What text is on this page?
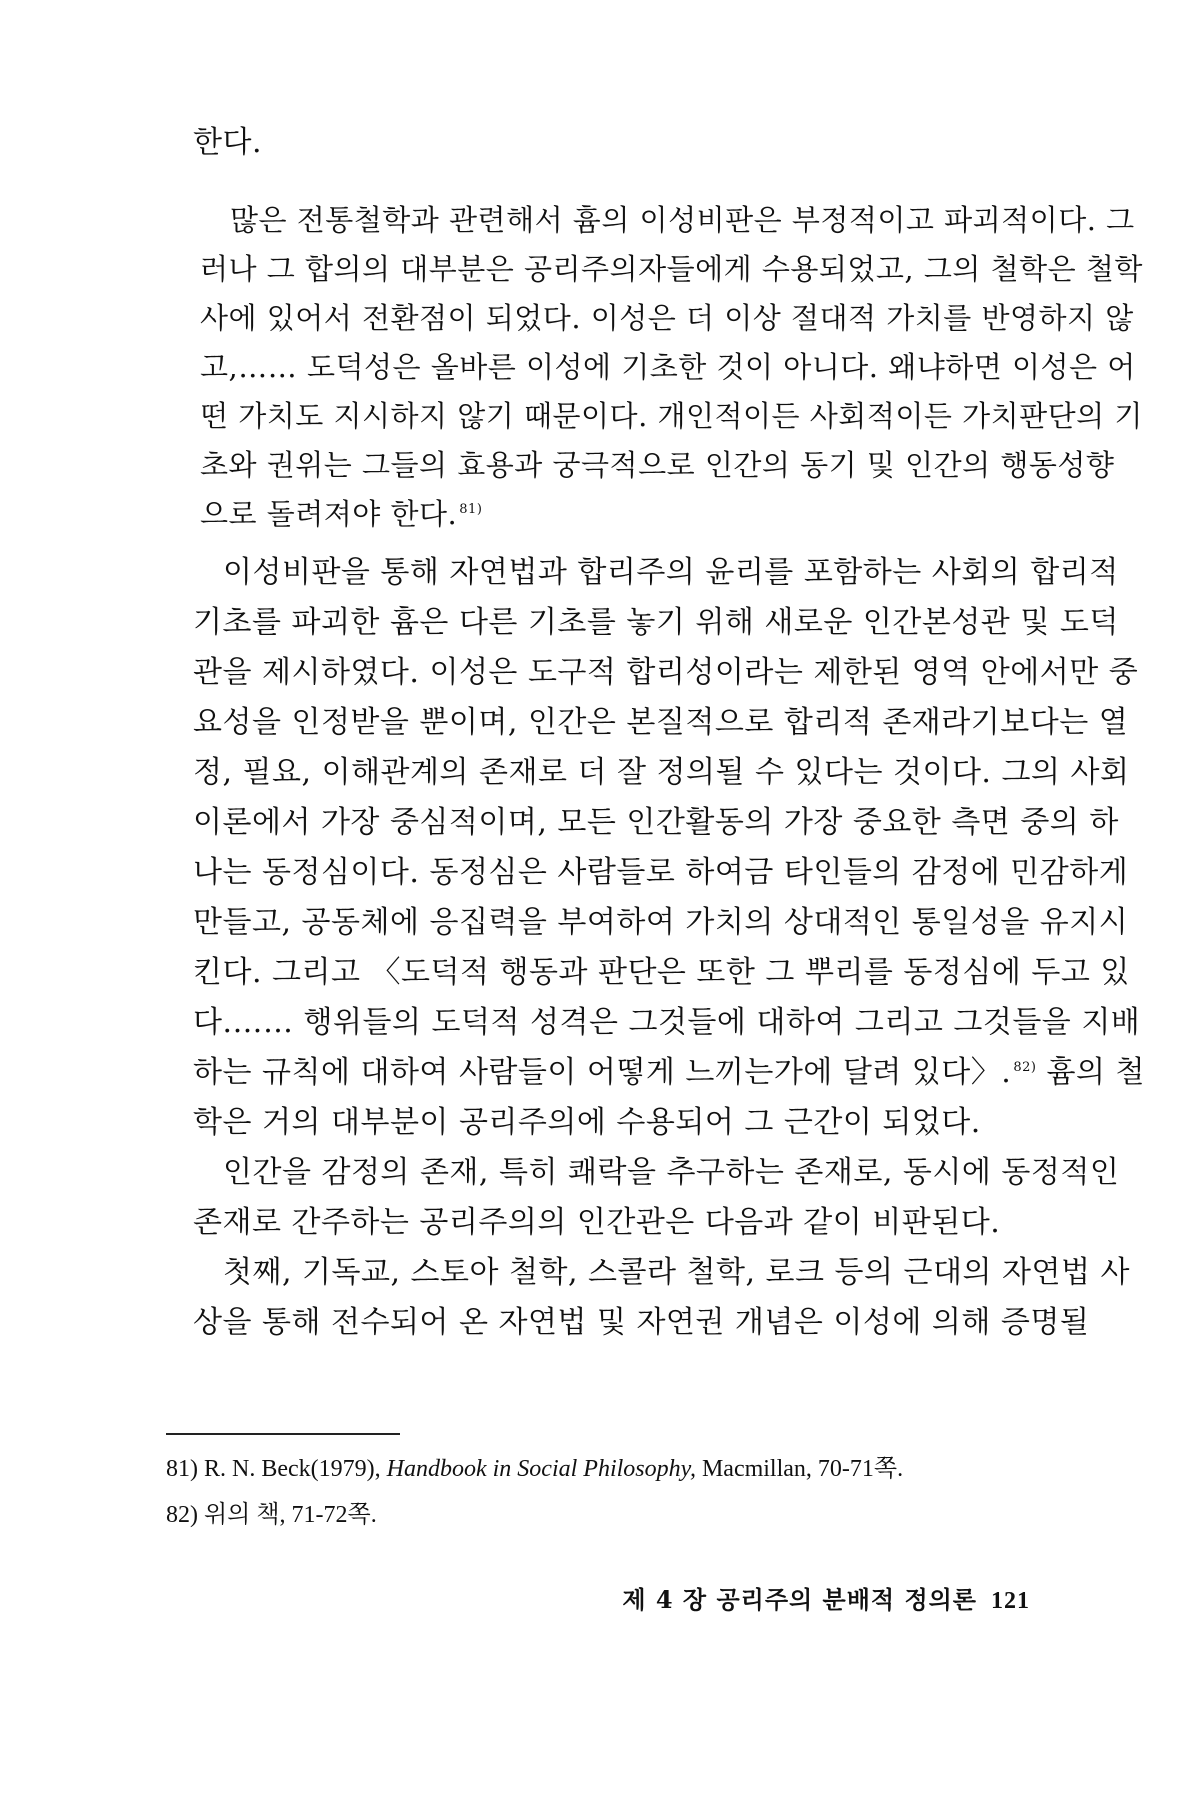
한다.
많은 전통철학과 관련해서 흄의 이성비판은 부정적이고 파괴적이다. 그
러나 그 합의의 대부분은 공리주의자들에게 수용되었고, 그의 철학은 철학
사에 있어서 전환점이 되었다. 이성은 더 이상 절대적 가치를 반영하지 않
고,…… 도덕성은 올바른 이성에 기초한 것이 아니다. 왜냐하면 이성은 어
떤 가치도 지시하지 않기 때문이다. 개인적이든 사회적이든 가치판단의 기
초와 권위는 그들의 효용과 궁극적으로 인간의 동기 및 인간의 행동성향
으로 돌려져야 한다. $^{81)}$
이성비판을 통해 자연법과 합리주의 윤리를 포함하는 사회의 합리적
기초를 파괴한 흄은 다른 기초를 놓기 위해 새로운 인간본성관 및 도덕
관을 제시하였다. 이성은 도구적 합리성이라는 제한된 영역 안에서만 중
요성을 인정받을 뿐이며, 인간은 본질적으로 합리적 존재라기보다는 열
정, 필요, 이해관계의 존재로 더 잘 정의될 수 있다는 것이다. 그의 사회
이론에서 가장 중심적이며, 모든 인간활동의 가장 중요한 측면 중의 하
나는 동정심이다. 동정심은 사람들로 하여금 타인들의 감정에 민감하게
만들고, 공동체에 응집력을 부여하여 가치의 상대적인 통일성을 유지시
킨다. 그리고 〈도덕적 행동과 판단은 또한 그 뿌리를 동정심에 두고 있
다.…… 행위들의 도덕적 성격은 그것들에 대하여 그리고 그것들을 지배
하는 규칙에 대하여 사람들이 어떻게 느끼는가에 달려 있다〉. $^{82)}$ 흄의 철
학은 거의 대부분이 공리주의에 수용되어 그 근간이 되었다.
인간을 감정의 존재, 특히 쾌락을 추구하는 존재로, 동시에 동정적인
존재로 간주하는 공리주의의 인간관은 다음과 같이 비판된다.
첫째, 기독교, 스토아 철학, 스콜라 철학, 로크 등의 근대의 자연법 사
상을 통해 전수되어 온 자연법 및 자연권 개념은 이성에 의해 증명될
81) R. N. Beck(1979), Handbook in Social Philosophy, Macmillan, 70-71쪽.
82) 위의 책, 71-72쪽.
제 4 장 공리주의 분배적 정의론 121
